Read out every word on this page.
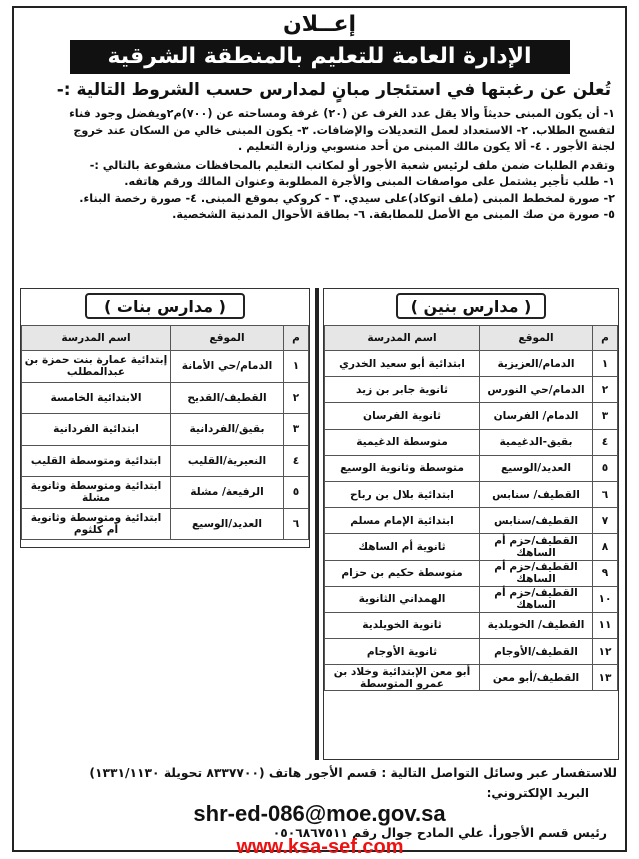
إعــلان
الإدارة العامة للتعليم بالمنطقة الشرقية
تُعلن عن رغبتها في استئجار مبانٍ لمدارس حسب الشروط التالية :-
١- أن يكون المبنى حديثاً وألا يقل عدد الغرف عن (٢٠) غرفة ومساحته عن (٧٠٠)م٢ويفضل وجود فناء
لتفسح الطلاب. ٢- الاستعداد لعمل التعديلات والإضافات. ٣- يكون المبنى خالي من السكان عند خروج
لجنة الأجور . ٤- ألا يكون مالك المبنى من أحد منسوبي وزارة التعليم .
وتقدم الطلبات ضمن ملف لرئيس شعبة الأجور أو لمكاتب التعليم بالمحافظات مشفوعة بالتالي :-
١- طلب تأجير يشتمل على مواصفات المبنى والأجرة المطلوبة وعنوان المالك ورقم هاتفه.
٢- صورة لمخطط المبنى (ملف اتوكاد)على سيدي. ٣ - كروكي بموقع المبنى. ٤- صورة رخصة البناء.
٥- صورة من صك المبنى مع الأصل للمطابقة. ٦- بطاقة الأحوال المدنية الشخصية.
( مدارس بنين )
م	الموقع	اسم المدرسة
١	الدمام/العزيزية	ابتدائية أبو سعيد الخدري
٢	الدمام/حي النورس	ثانوية جابر بن زيد
٣	الدمام/ الفرسان	ثانوية الفرسان
٤	بقيق-الدغيمية	متوسطة الدغيمية
٥	العديد/الوسيع	متوسطة وثانوية الوسيع
٦	القطيف/ سنابس	ابتدائية بلال بن رباح
٧	القطيف/سنابس	ابتدائية الإمام مسلم
٨	القطيف/حزم أم الساهك	ثانوية أم الساهك
٩	القطيف/حزم أم الساهك	متوسطة حكيم بن حزام
١٠	القطيف/حزم أم الساهك	الهمداني الثانوية
١١	القطيف/ الخويلدية	ثانوية الخويلدية
١٢	القطيف/الأوجام	ثانوية الأوجام
١٣	القطيف/أبو معن	أبو معن الإبتدائية وخلاد بن عمرو المتوسطة
( مدارس بنات )
م	الموقع	اسم المدرسة
١	الدمام/حي الأمانة	إبتدائية عمارة بنت حمزة بن عبدالمطلب
٢	القطيف/القديح	الابتدائية الخامسة
٣	بقيق/الفردانية	ابتدائية الفردانية
٤	النعيرية/القليب	ابتدائية ومتوسطة القليب
٥	الرفيعة/ مشلة	ابتدائية ومتوسطة وثانوية مشلة
٦	العديد/الوسيع	ابتدائية ومتوسطة وثانوية أم كلثوم
للاستفسار عبر وسائل التواصل التالية : قسم الأجور هاتف (٨٣٣٧٧٠٠ تحويلة ١٣٣١/١١٣٠)
البريد الإلكتروني:
shr-ed-086@moe.gov.sa
رئيس قسم الأجورأ. علي المادح جوال رقم ٠٥٠٦٨٦٧٥١١
www.ksa-sef.com
